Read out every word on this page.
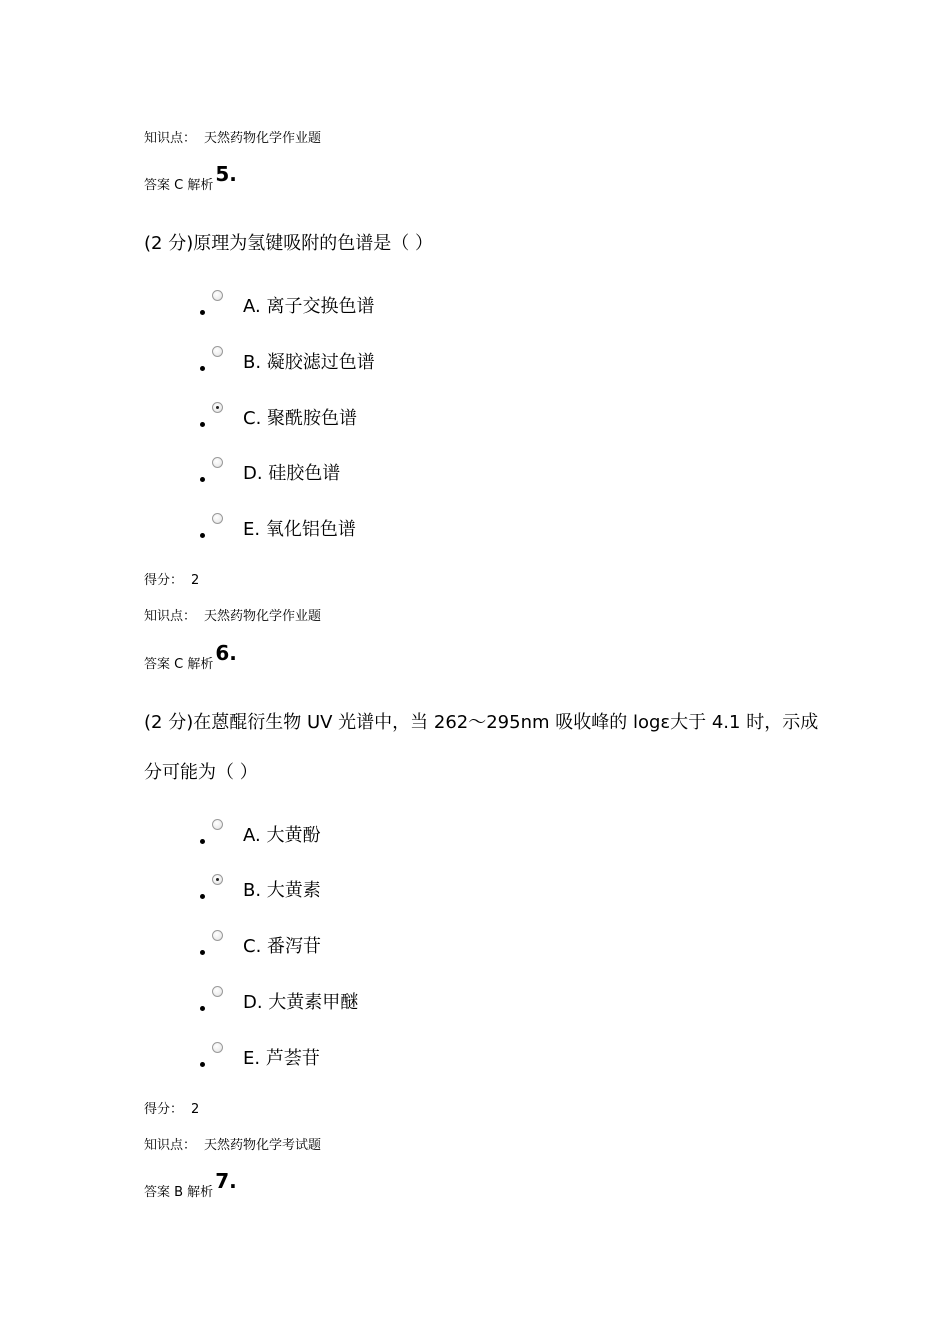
知识点： 天然药物化学作业题
答案 C 解析 5.
(2 分)原理为氢键吸附的色谱是（ ）
A. 离子交换色谱
B. 凝胶滤过色谱
C. 聚酰胺色谱
D. 硅胶色谱
E. 氧化铝色谱
得分： 2
知识点： 天然药物化学作业题
答案 C 解析 6.
(2 分)在蒽醌衍生物 UV 光谱中，当 262～295nm 吸收峰的 logε大于 4.1 时，示成
分可能为（ ）
A. 大黄酚
B. 大黄素
C. 番泻苷
D. 大黄素甲醚
E. 芦荟苷
得分： 2
知识点： 天然药物化学考试题
答案 B 解析 7.
